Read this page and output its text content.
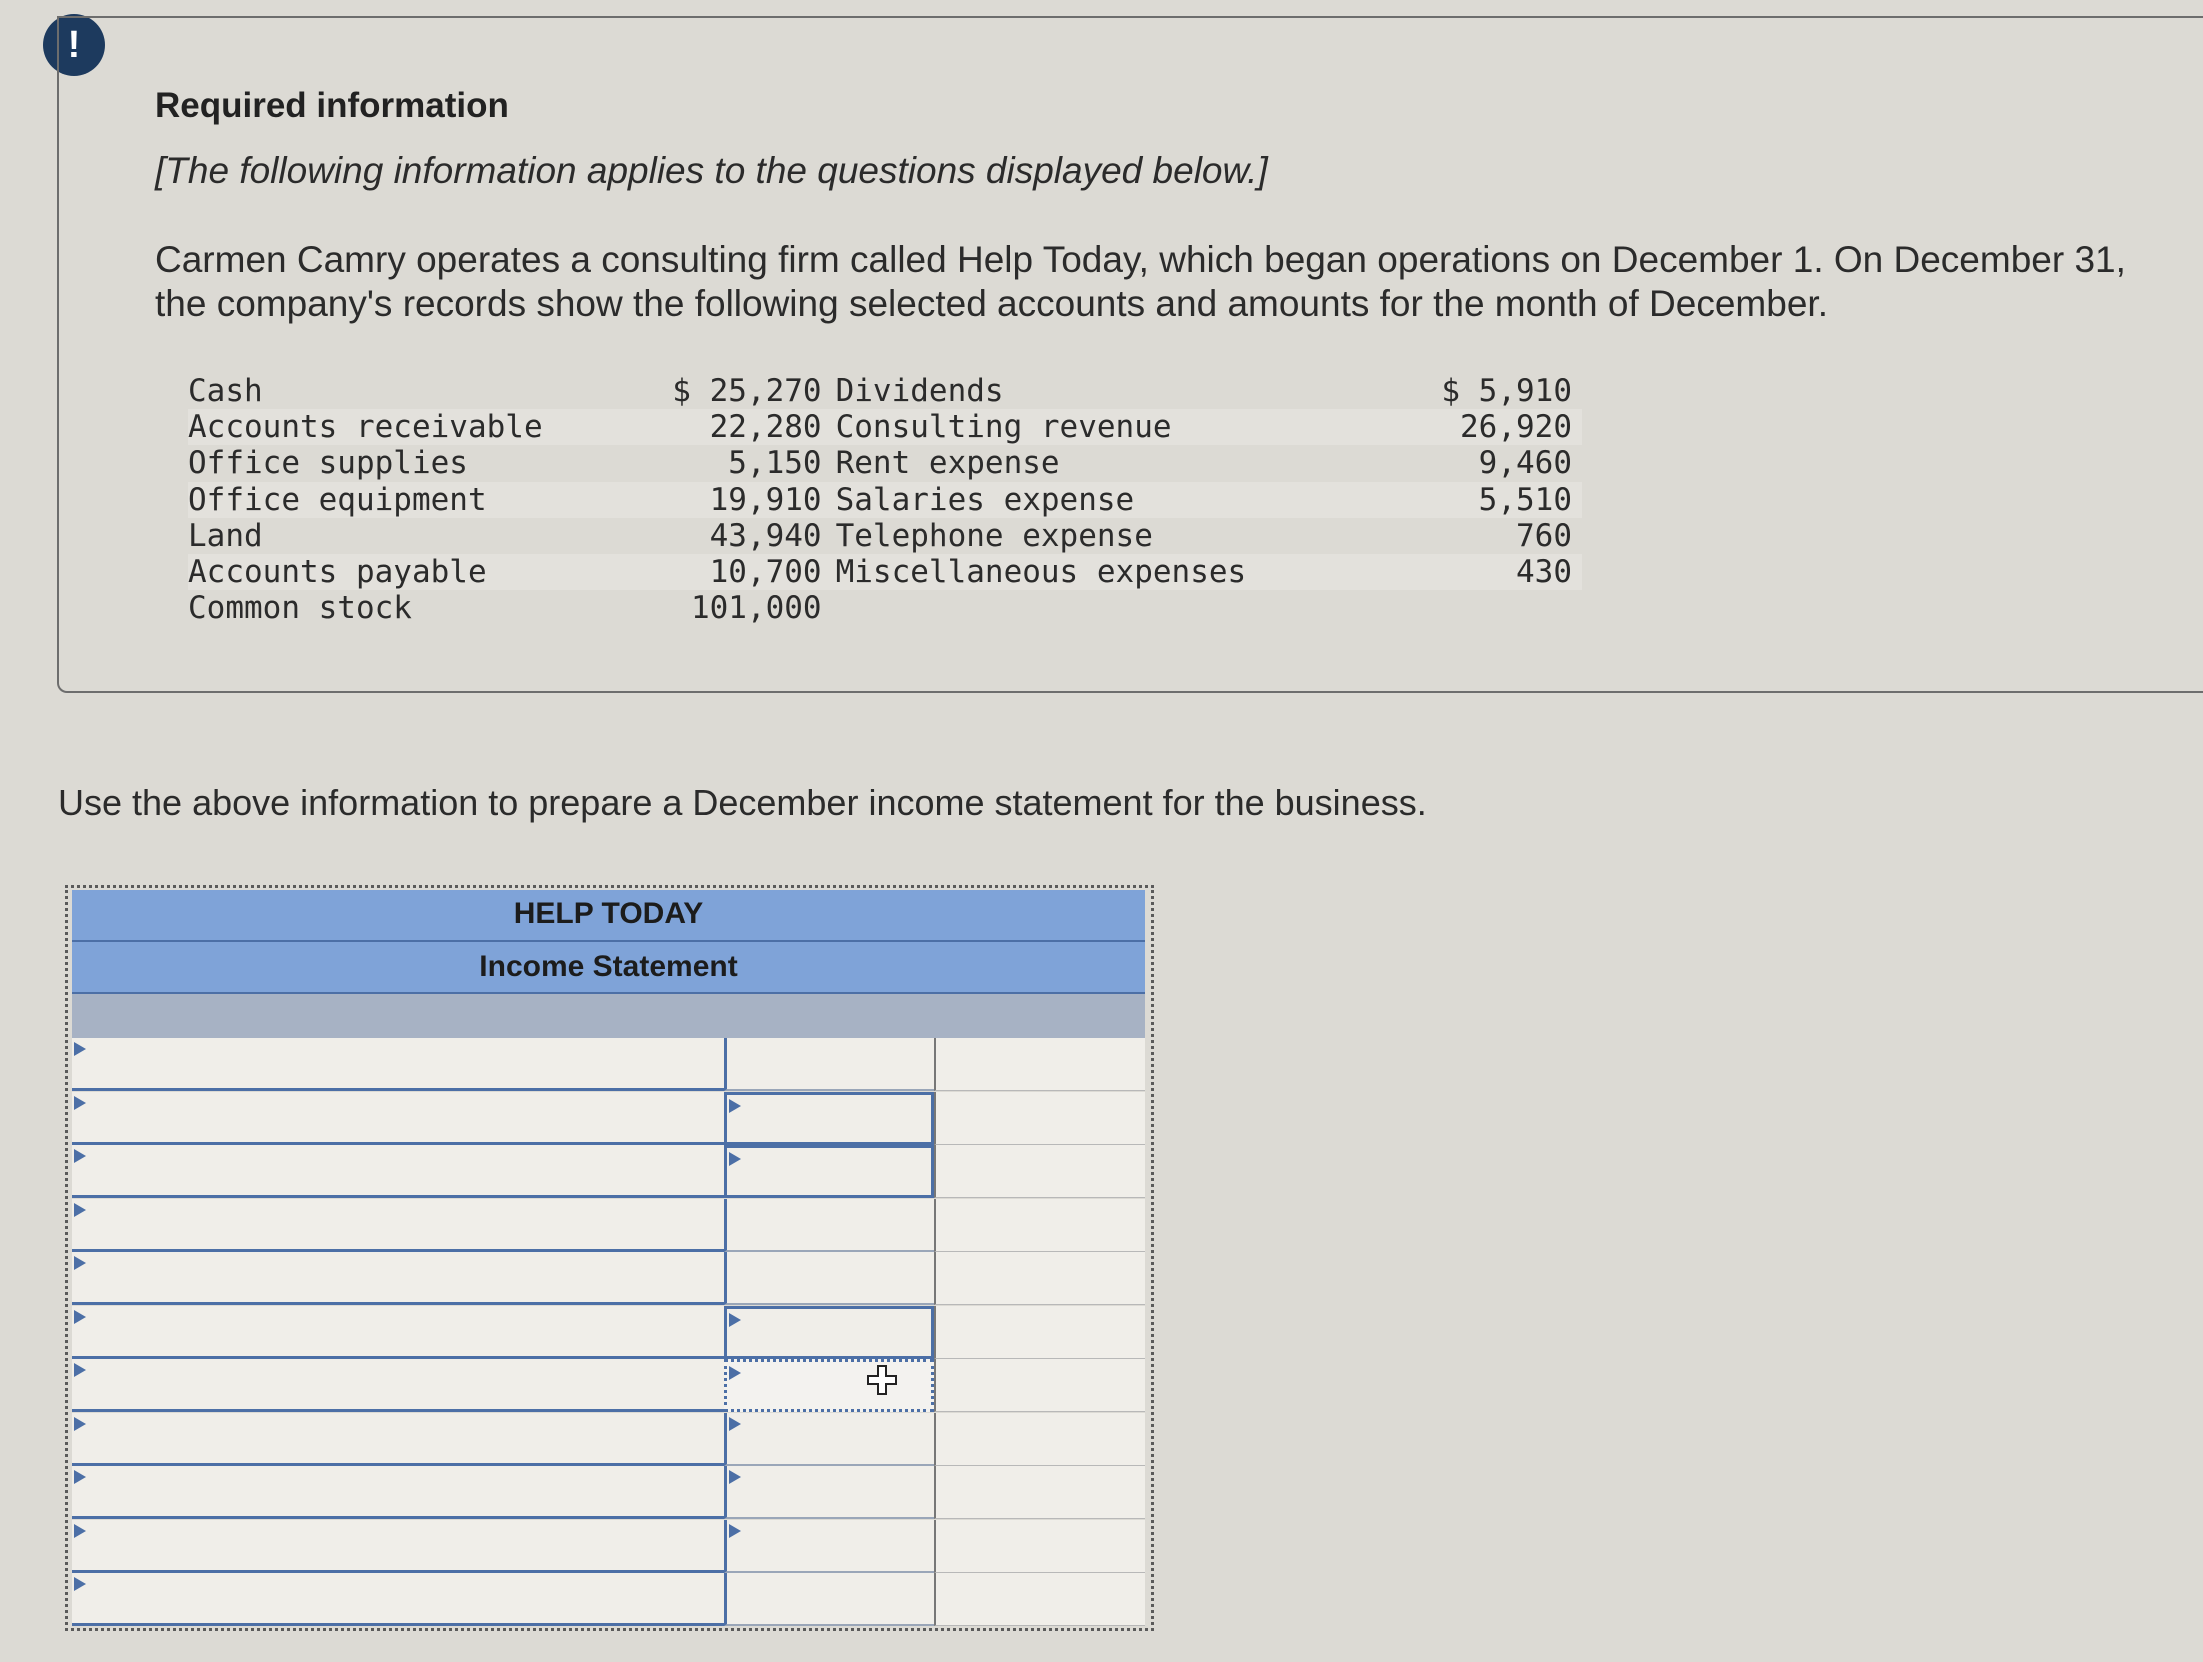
!
Required information
[The following information applies to the questions displayed below.]
Carmen Camry operates a consulting firm called Help Today, which began operations on December 1. On December 31, the company's records show the following selected accounts and amounts for the month of December.
Cash	$ 25,270	Dividends	$ 5,910
Accounts receivable	22,280	Consulting revenue	26,920
Office supplies	5,150	Rent expense	9,460
Office equipment	19,910	Salaries expense	5,510
Land	43,940	Telephone expense	760
Accounts payable	10,700	Miscellaneous expenses	430
Common stock	101,000		
Use the above information to prepare a December income statement for the business.
HELP TODAY
Income Statement
